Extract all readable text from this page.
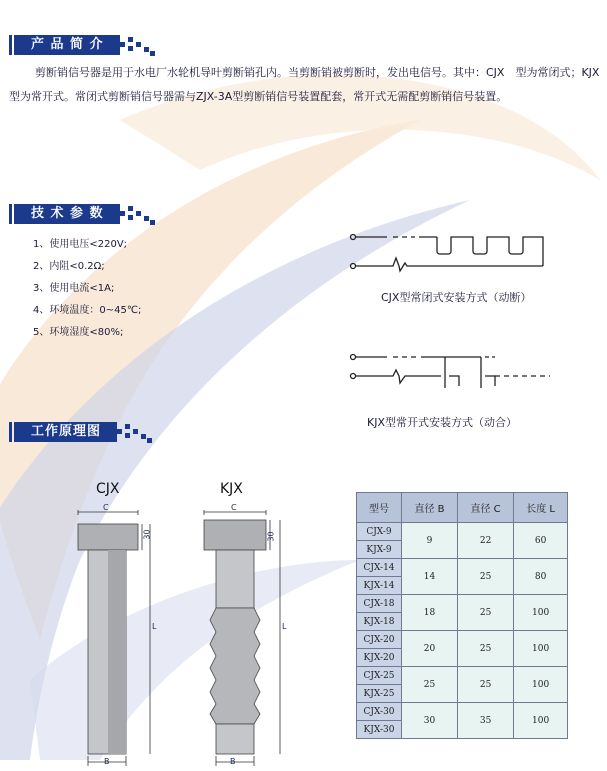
产 品 简 介
剪断销信号器是用于水电厂水轮机导叶剪断销孔内。当剪断销被剪断时，发出电信号。其中：CJX　型为常闭式；KJX型为常开式。常闭式剪断销信号器需与ZJX-3A型剪断销信号装置配套，常开式无需配剪断销信号装置。
技 术 参 数
1、使用电压<220V;
2、内阻<0.2Ω;
3、使用电流<1A;
4、环境温度：0~45℃;
5、环境湿度<80%;
CJX型常闭式安装方式（动断）
KJX型常开式安装方式（动合）
工作原理图
CJX
C
30
L
B
KJX
C
30
L
B
型号	直径 B	直径 C	长度 L
CJX-9	9	22	60
KJX-9			
CJX-14	14	25	80
KJX-14			
CJX-18	18	25	100
KJX-18			
CJX-20	20	25	100
KJX-20			
CJX-25	25	25	100
KJX-25			
CJX-30	30	35	100
KJX-30			
